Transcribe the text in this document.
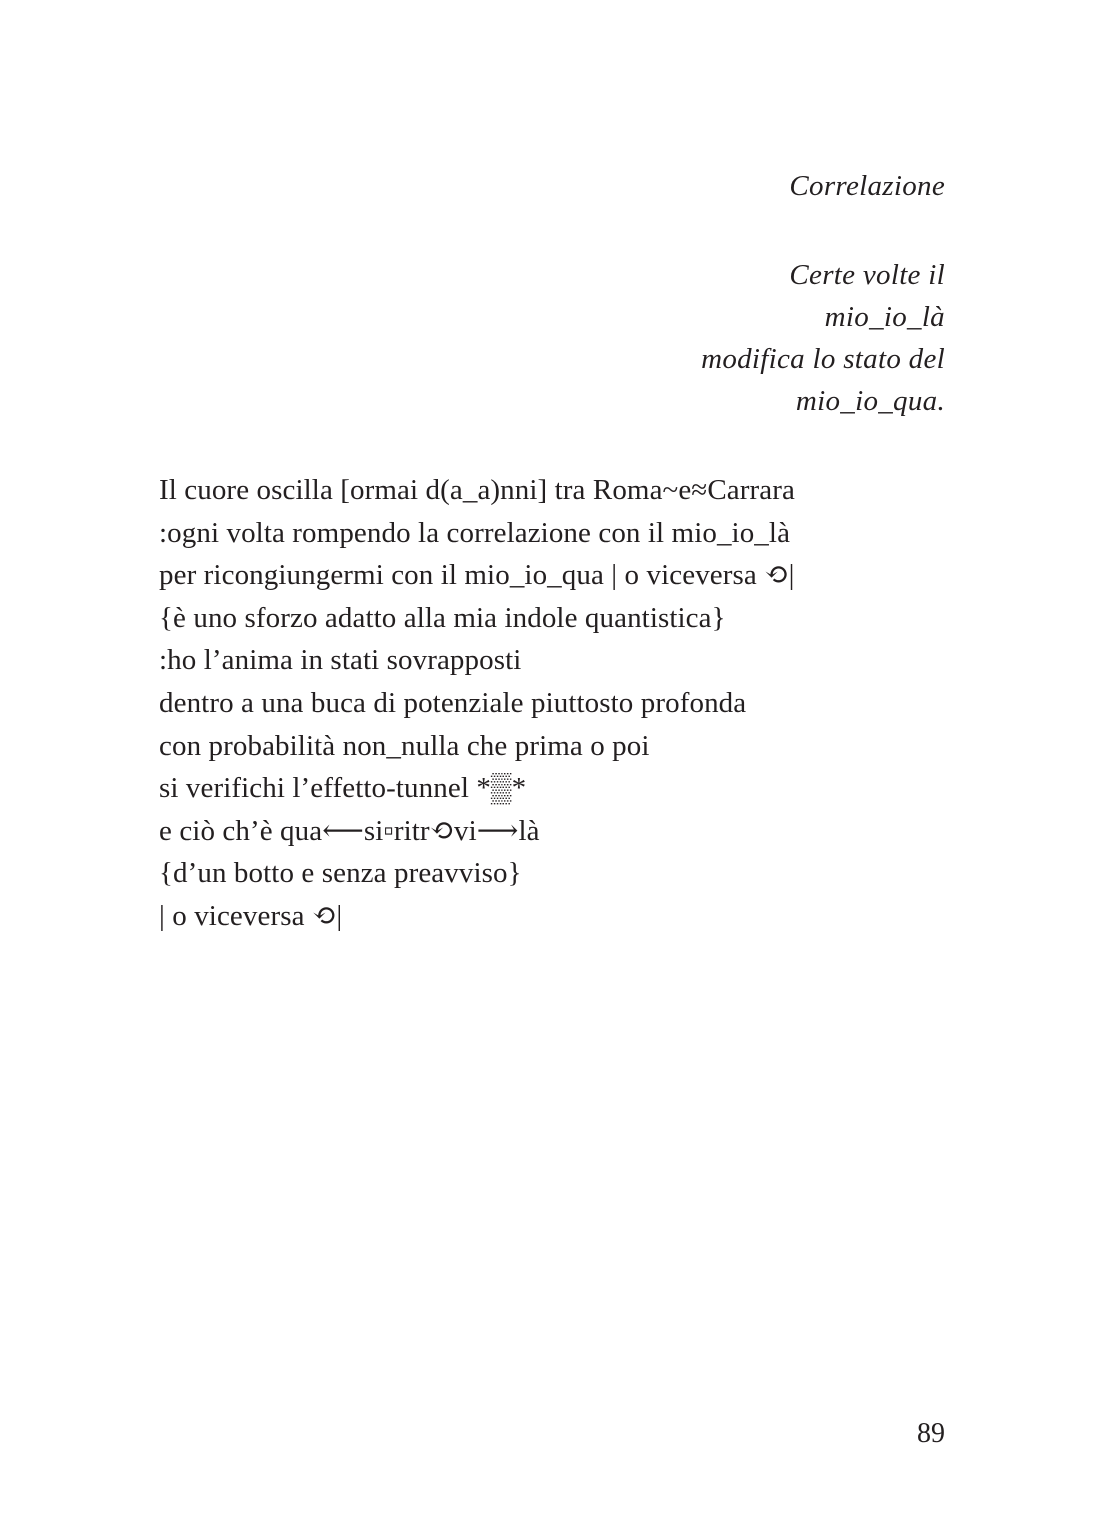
Correlazione
Certe volte il
mio_io_là
modifica lo stato del
mio_io_qua.
Il cuore oscilla [ormai d(a_a)nni] tra Roma~e≈Carrara
:ogni volta rompendo la correlazione con il mio_io_là
per ricongiungermi con il mio_io_qua | o viceversa ⟲|
{è uno sforzo adatto alla mia indole quantistica}
:ho l’anima in stati sovrapposti
dentro a una buca di potenziale piuttosto profonda
con probabilità non_nulla che prima o poi
si verifichi l’effetto-tunnel *▒*
e ciò ch’è qua⟵si▫ritr⟲vi⟶là
{d’un botto e senza preavviso}
| o viceversa ⟲|
89
